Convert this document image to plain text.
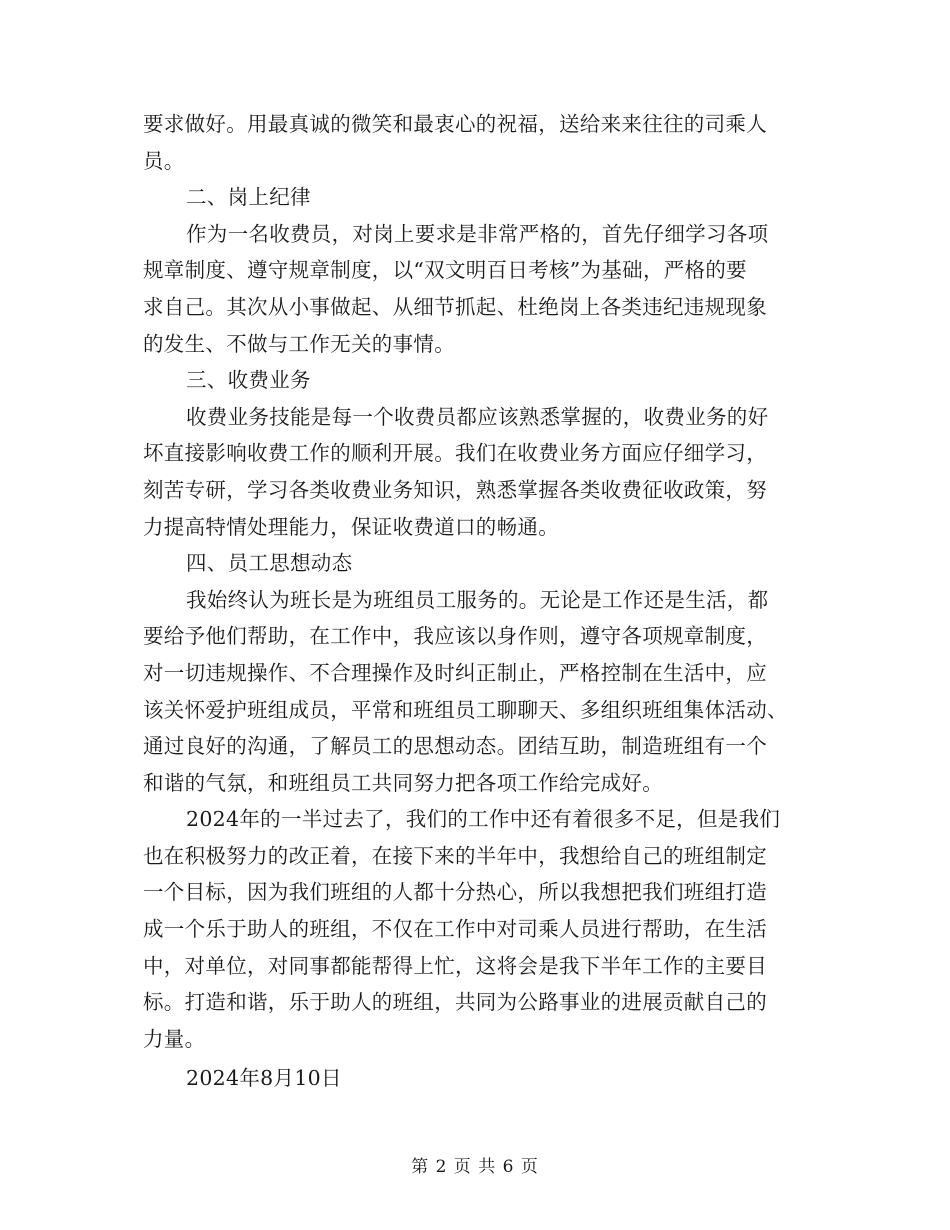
要求做好。用最真诚的微笑和最衷心的祝福，送给来来往往的司乘人
员。
二、岗上纪律
作为一名收费员，对岗上要求是非常严格的，首先仔细学习各项
规章制度、遵守规章制度，以“双文明百日考核”为基础，严格的要
求自己。其次从小事做起、从细节抓起、杜绝岗上各类违纪违规现象
的发生、不做与工作无关的事情。
三、收费业务
收费业务技能是每一个收费员都应该熟悉掌握的，收费业务的好
坏直接影响收费工作的顺利开展。我们在收费业务方面应仔细学习，
刻苦专研，学习各类收费业务知识，熟悉掌握各类收费征收政策，努
力提高特情处理能力，保证收费道口的畅通。
四、员工思想动态
我始终认为班长是为班组员工服务的。无论是工作还是生活，都
要给予他们帮助，在工作中，我应该以身作则，遵守各项规章制度，
对一切违规操作、不合理操作及时纠正制止，严格控制在生活中，应
该关怀爱护班组成员，平常和班组员工聊聊天、多组织班组集体活动、
通过良好的沟通，了解员工的思想动态。团结互助，制造班组有一个
和谐的气氛，和班组员工共同努力把各项工作给完成好。
2024年的一半过去了，我们的工作中还有着很多不足，但是我们
也在积极努力的改正着，在接下来的半年中，我想给自己的班组制定
一个目标，因为我们班组的人都十分热心，所以我想把我们班组打造
成一个乐于助人的班组，不仅在工作中对司乘人员进行帮助，在生活
中，对单位，对同事都能帮得上忙，这将会是我下半年工作的主要目
标。打造和谐，乐于助人的班组，共同为公路事业的进展贡献自己的
力量。
2024年8月10日
第 2 页 共 6 页
